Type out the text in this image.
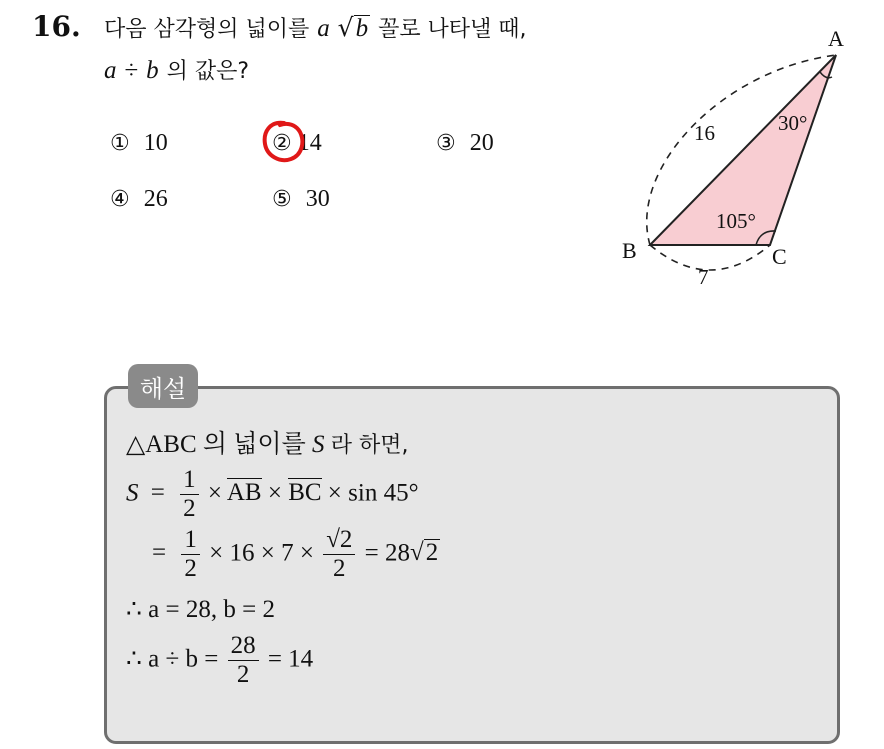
16. 다음 삼각형의 넓이를 a √b 꼴로 나타낼 때,
a ÷ b 의 값은?
① 10	② 14	③ 20
④ 26	⑤ 30
A
B	C
16
7
30°
105°
해설
△ABC 의 넓이를 S 라 하면,
$S = \frac{1}{2}$ × AB × BC × sin 45°
= $\frac{1}{2} \times 16 \times 7 \times \frac{√2}{2} = 28√2$
∴ a = 28, b = 2
∴ $a \div b = \frac{28}{2} = 14$
